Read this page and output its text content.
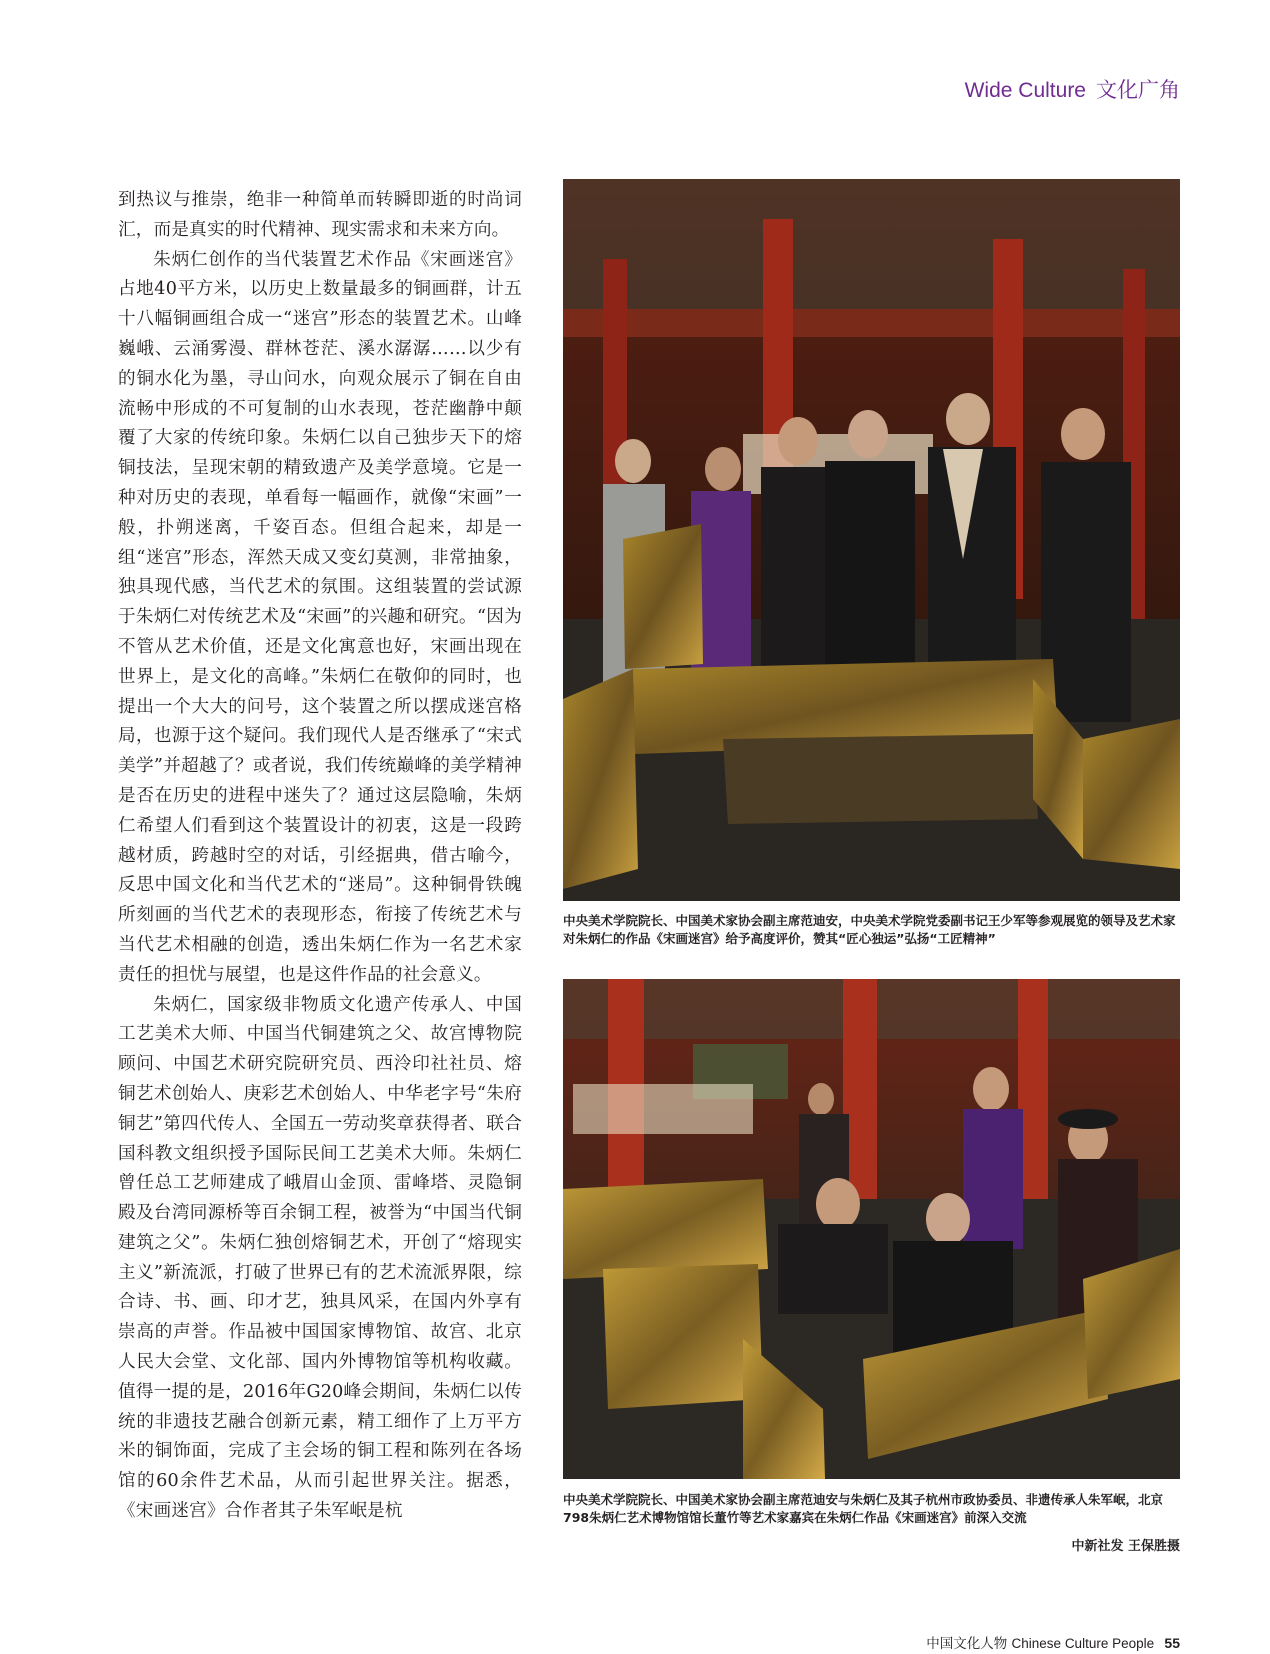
Wide Culture 文化广角

到热议与推崇，绝非一种简单而转瞬即逝的时尚词汇，而是真实的时代精神、现实需求和未来方向。

朱炳仁创作的当代装置艺术作品《宋画迷宫》占地40平方米，以历史上数量最多的铜画群，计五十八幅铜画组合成一“迷宫”形态的装置艺术。山峰巍峨、云涌雾漫、群林苍茫、溪水潺潺……以少有的铜水化为墨，寻山问水，向观众展示了铜在自由流畅中形成的不可复制的山水表现，苍茫幽静中颠覆了大家的传统印象。朱炳仁以自己独步天下的熔铜技法，呈现宋朝的精致遗产及美学意境。它是一种对历史的表现，单看每一幅画作，就像“宋画”一般，扑朔迷离，千姿百态。但组合起来，却是一组“迷宫”形态，浑然天成又变幻莫测，非常抽象，独具现代感，当代艺术的氛围。这组装置的尝试源于朱炳仁对传统艺术及“宋画”的兴趣和研究。“因为不管从艺术价值，还是文化寓意也好，宋画出现在世界上，是文化的高峰。”朱炳仁在敬仰的同时，也提出一个大大的问号，这个装置之所以摆成迷宫格局，也源于这个疑问。我们现代人是否继承了“宋式美学”并超越了？或者说，我们传统巅峰的美学精神是否在历史的进程中迷失了？通过这层隐喻，朱炳仁希望人们看到这个装置设计的初衷，这是一段跨越材质，跨越时空的对话，引经据典，借古喻今，反思中国文化和当代艺术的“迷局”。这种铜骨铁魄所刻画的当代艺术的表现形态，衔接了传统艺术与当代艺术相融的创造，透出朱炳仁作为一名艺术家责任的担忧与展望，也是这件作品的社会意义。

朱炳仁，国家级非物质文化遗产传承人、中国工艺美术大师、中国当代铜建筑之父、故宫博物院顾问、中国艺术研究院研究员、西泠印社社员、熔铜艺术创始人、庚彩艺术创始人、中华老字号“朱府铜艺”第四代传人、全国五一劳动奖章获得者、联合国科教文组织授予国际民间工艺美术大师。朱炳仁曾任总工艺师建成了峨眉山金顶、雷峰塔、灵隐铜殿及台湾同源桥等百余铜工程，被誉为“中国当代铜建筑之父”。朱炳仁独创熔铜艺术，开创了“熔现实主义”新流派，打破了世界已有的艺术流派界限，综合诗、书、画、印才艺，独具风采，在国内外享有崇高的声誉。作品被中国国家博物馆、故宫、北京人民大会堂、文化部、国内外博物馆等机构收藏。值得一提的是，2016年G20峰会期间，朱炳仁以传统的非遗技艺融合创新元素，精工细作了上万平方米的铜饰面，完成了主会场的铜工程和陈列在各场馆的60余件艺术品，从而引起世界关注。据悉，《宋画迷宫》合作者其子朱军岷是杭

中央美术学院院长、中国美术家协会副主席范迪安，中央美术学院党委副书记王少军等参观展览的领导及艺术家对朱炳仁的作品《宋画迷宫》给予高度评价，赞其“匠心独运”弘扬“工匠精神”
中央美术学院院长、中国美术家协会副主席范迪安与朱炳仁及其子杭州市政协委员、非遗传承人朱军岷，北京798朱炳仁艺术博物馆馆长董竹等艺术家嘉宾在朱炳仁作品《宋画迷宫》前深入交流
中新社发 王保胜摄
中国文化人物 Chinese Culture People 55
